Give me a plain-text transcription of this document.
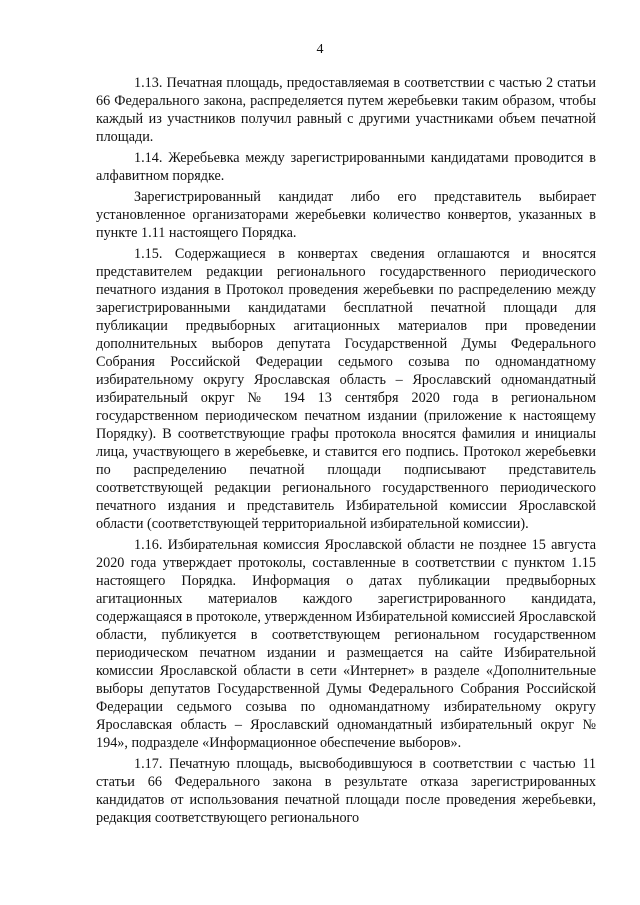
4

1.13. Печатная площадь, предоставляемая в соответствии с частью 2 статьи 66 Федерального закона, распределяется путем жеребьевки таким образом, чтобы каждый из участников получил равный с другими участниками объем печатной площади.

1.14. Жеребьевка между зарегистрированными кандидатами проводится в алфавитном порядке.

Зарегистрированный кандидат либо его представитель выбирает установленное организаторами жеребьевки количество конвертов, указанных в пункте 1.11 настоящего Порядка.

1.15. Содержащиеся в конвертах сведения оглашаются и вносятся представителем редакции регионального государственного периодического печатного издания в Протокол проведения жеребьевки по распределению между зарегистрированными кандидатами бесплатной печатной площади для публикации предвыборных агитационных материалов при проведении дополнительных выборов депутата Государственной Думы Федерального Собрания Российской Федерации седьмого созыва по одномандатному избирательному округу Ярославская область – Ярославский одномандатный избирательный округ № 194 13 сентября 2020 года в региональном государственном периодическом печатном издании (приложение к настоящему Порядку). В соответствующие графы протокола вносятся фамилия и инициалы лица, участвующего в жеребьевке, и ставится его подпись. Протокол жеребьевки по распределению печатной площади подписывают представитель соответствующей редакции регионального государственного периодического печатного издания и представитель Избирательной комиссии Ярославской области (соответствующей территориальной избирательной комиссии).

1.16. Избирательная комиссия Ярославской области не позднее 15 августа 2020 года утверждает протоколы, составленные в соответствии с пунктом 1.15 настоящего Порядка. Информация о датах публикации предвыборных агитационных материалов каждого зарегистрированного кандидата, содержащаяся в протоколе, утвержденном Избирательной комиссией Ярославской области, публикуется в соответствующем региональном государственном периодическом печатном издании и размещается на сайте Избирательной комиссии Ярославской области в сети «Интернет» в разделе «Дополнительные выборы депутатов Государственной Думы Федерального Собрания Российской Федерации седьмого созыва по одномандатному избирательному округу Ярославская область – Ярославский одномандатный избирательный округ № 194», подразделе «Информационное обеспечение выборов».

1.17. Печатную площадь, высвободившуюся в соответствии с частью 11 статьи 66 Федерального закона в результате отказа зарегистрированных кандидатов от использования печатной площади после проведения жеребьевки, редакция соответствующего регионального
